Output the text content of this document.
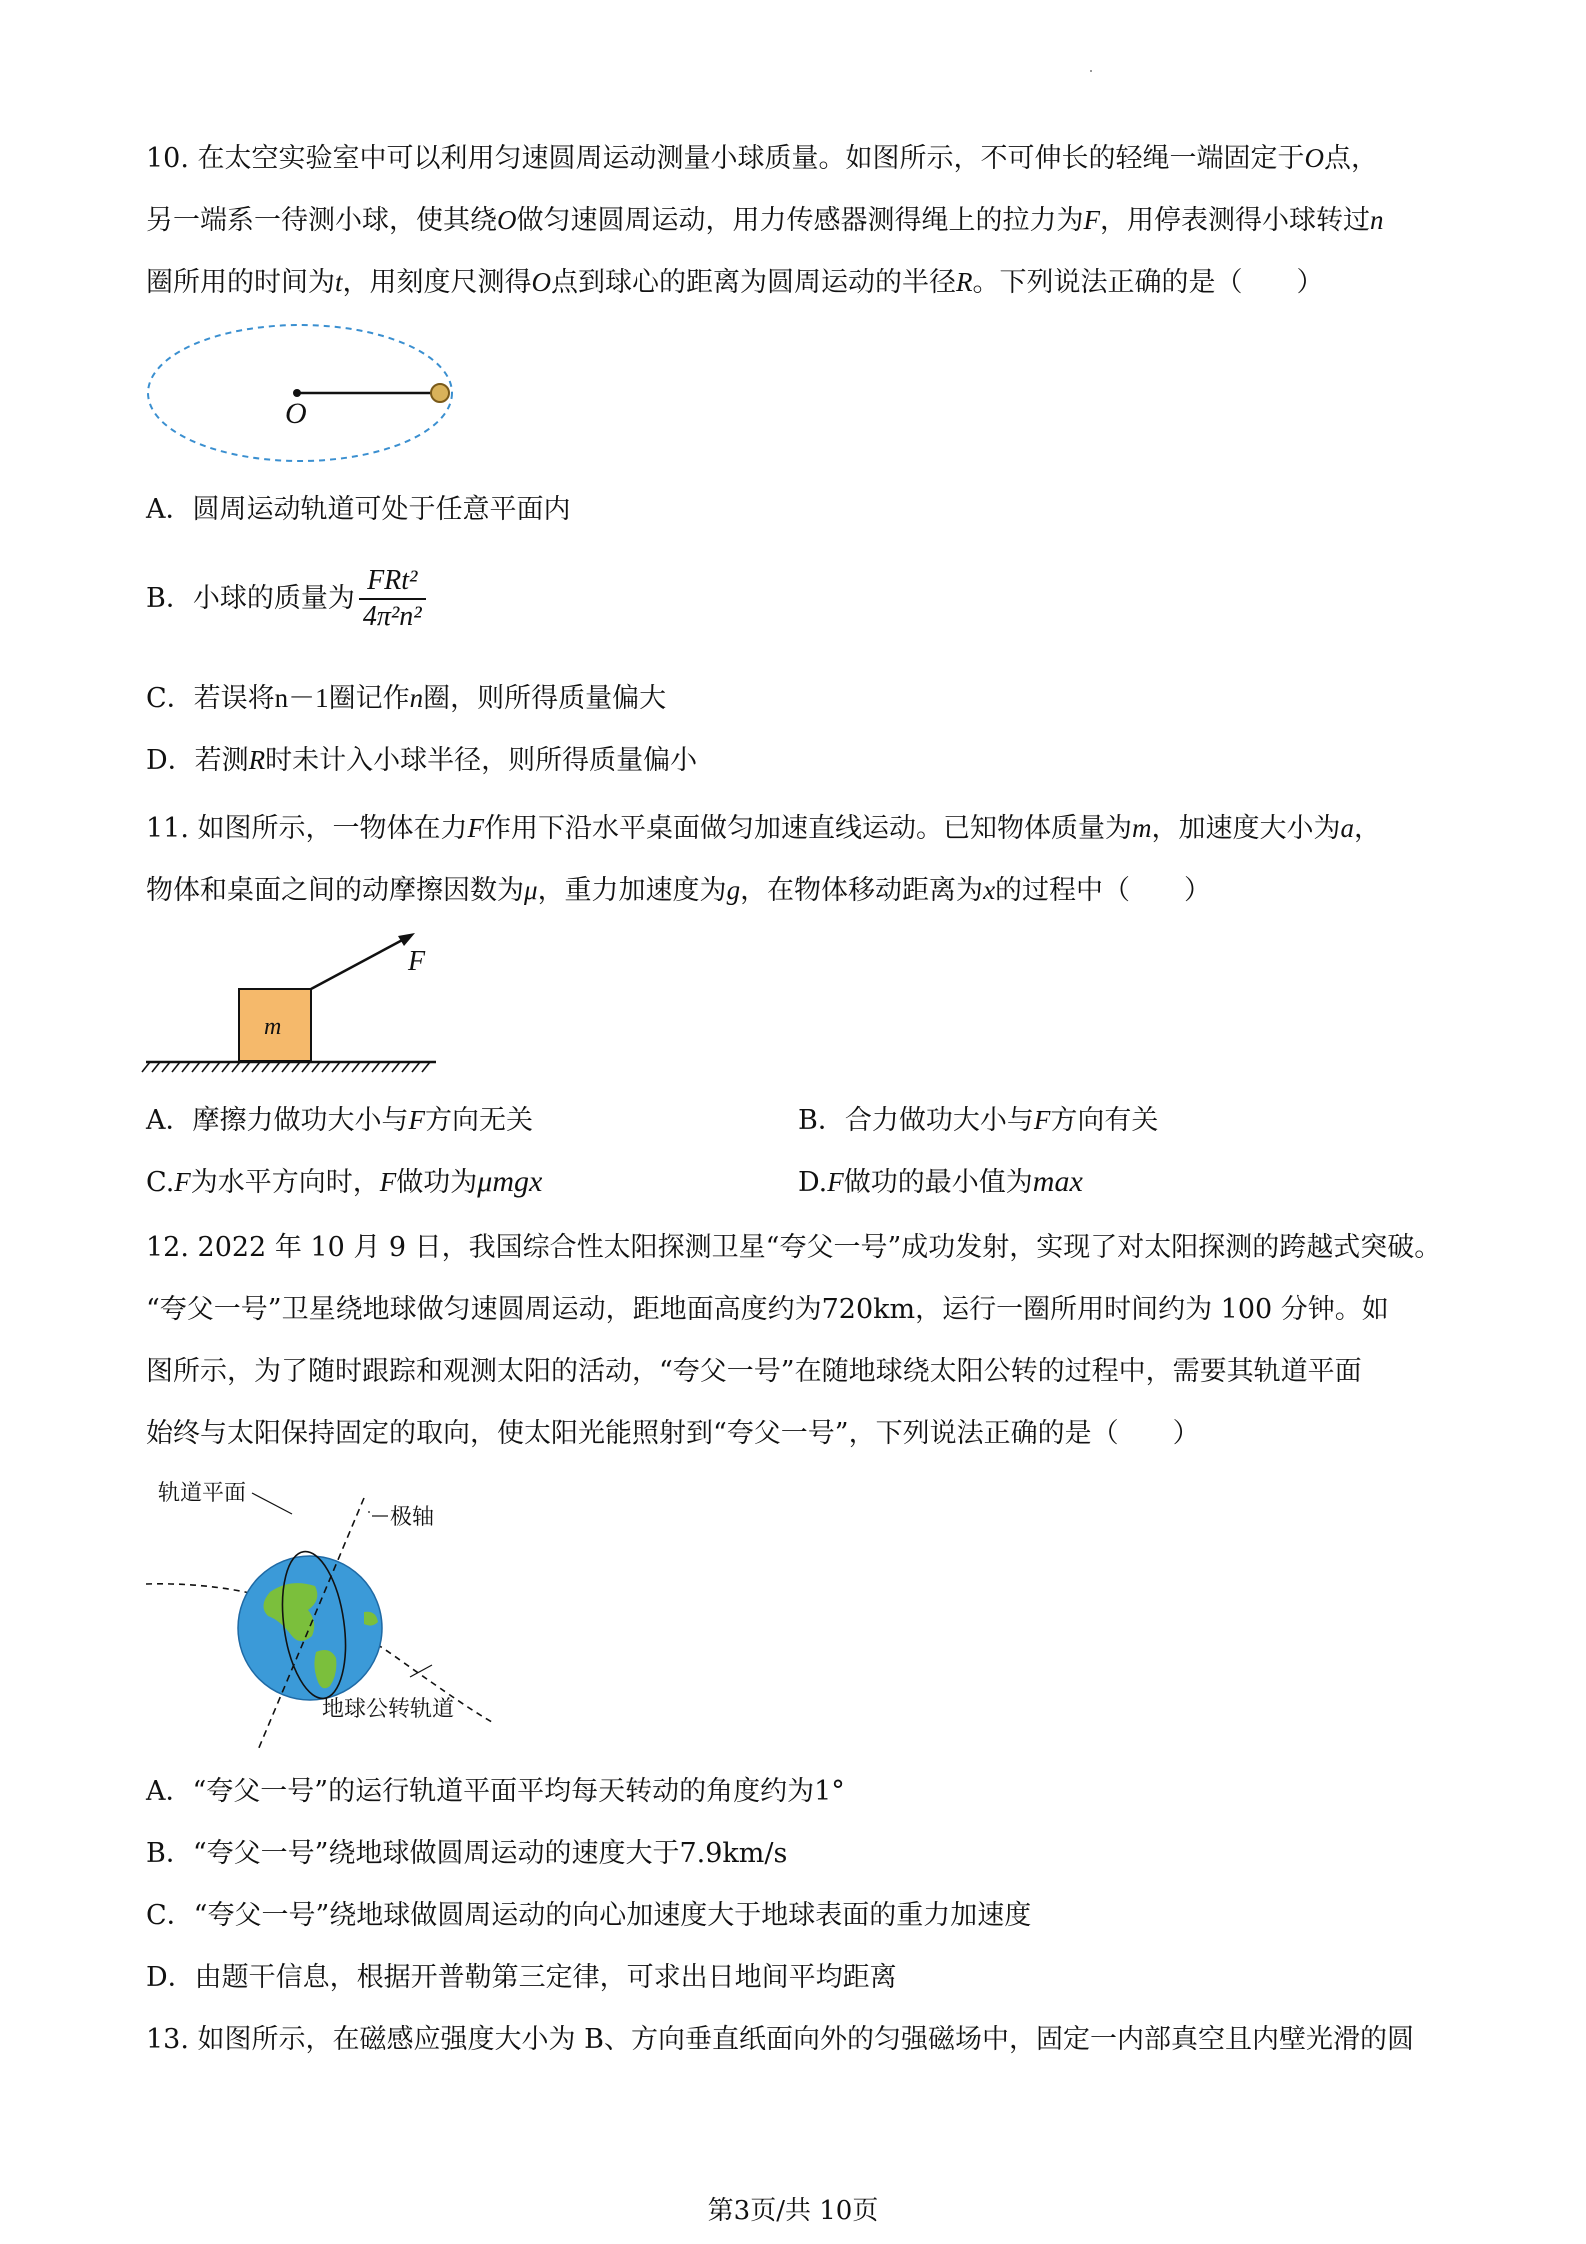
10. 在太空实验室中可以利用匀速圆周运动测量小球质量。如图所示，不可伸长的轻绳一端固定于O点，
另一端系一待测小球，使其绕O做匀速圆周运动，用力传感器测得绳上的拉力为F，用停表测得小球转过n
圈所用的时间为t，用刻度尺测得O点到球心的距离为圆周运动的半径R。下列说法正确的是（　　）
O
A．圆周运动轨道可处于任意平面内
B．小球的质量为 $\frac{\text{FRt²}}{\text{4π²n²}}$
C．若误将n－1圈记作n圈，则所得质量偏大
D．若测R时未计入小球半径，则所得质量偏小
11. 如图所示，一物体在力F作用下沿水平桌面做匀加速直线运动。已知物体质量为m，加速度大小为a，
物体和桌面之间的动摩擦因数为μ，重力加速度为g，在物体移动距离为x的过程中（　　）
m
F
A．摩擦力做功大小与F方向无关	B．合力做功大小与F方向有关
C.F为水平方向时，F做功为μmgx	D.F做功的最小值为max
12. 2022 年 10 月 9 日，我国综合性太阳探测卫星“夸父一号”成功发射，实现了对太阳探测的跨越式突破。
“夸父一号”卫星绕地球做匀速圆周运动，距地面高度约为720km，运行一圈所用时间约为 100 分钟。如
图所示，为了随时跟踪和观测太阳的活动，“夸父一号”在随地球绕太阳公转的过程中，需要其轨道平面
始终与太阳保持固定的取向，使太阳光能照射到“夸父一号”，下列说法正确的是（　　）
轨道平面
极轴
地球公转轨道
A．“夸父一号”的运行轨道平面平均每天转动的角度约为1°
B．“夸父一号”绕地球做圆周运动的速度大于7.9km/s
C．“夸父一号”绕地球做圆周运动的向心加速度大于地球表面的重力加速度
D．由题干信息，根据开普勒第三定律，可求出日地间平均距离
13. 如图所示，在磁感应强度大小为 B、方向垂直纸面向外的匀强磁场中，固定一内部真空且内壁光滑的圆
第3页/共 10页
